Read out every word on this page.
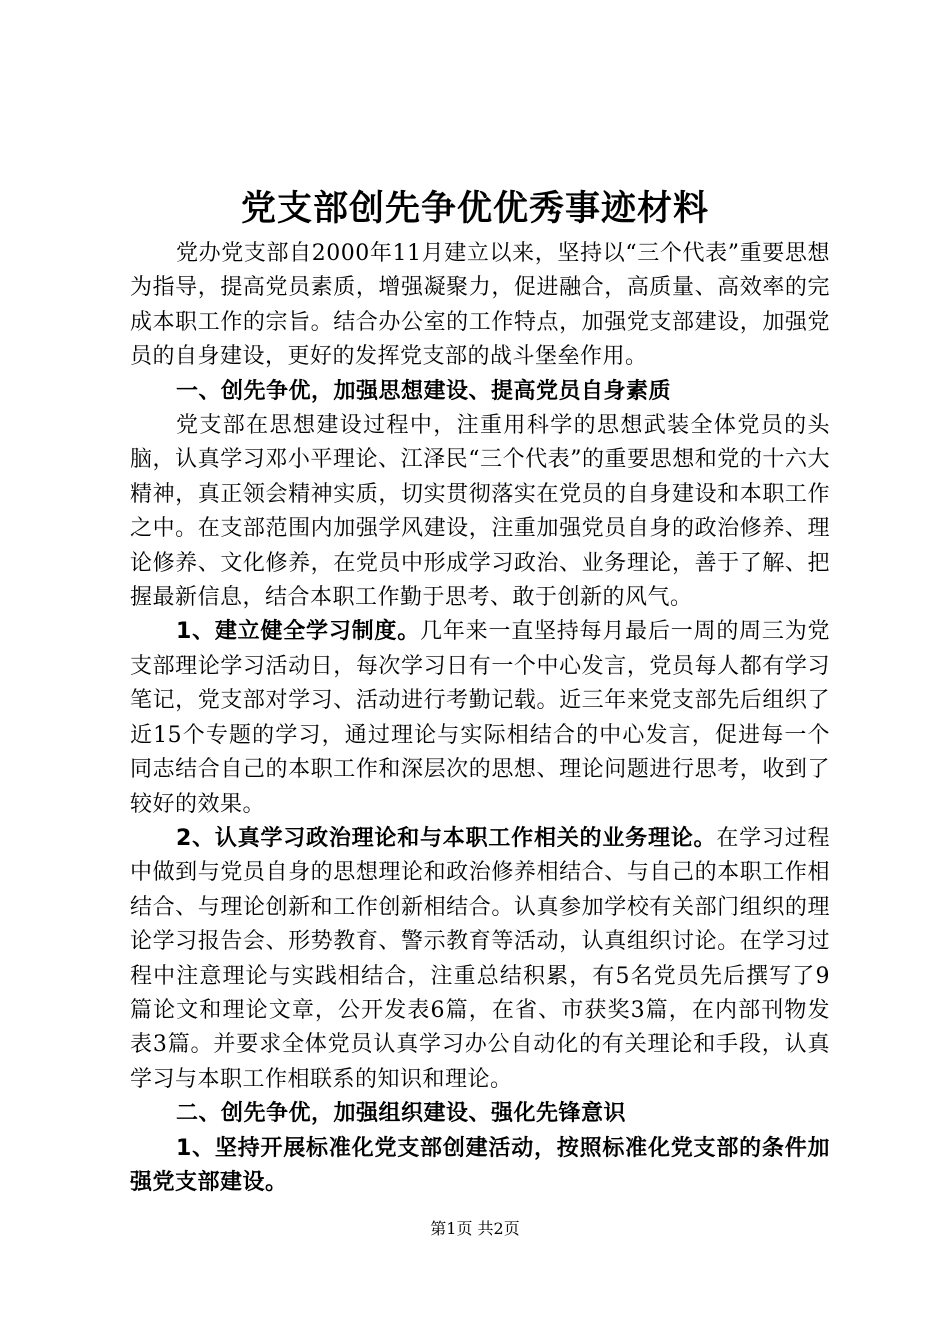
党支部创先争优优秀事迹材料

党办党支部自2000年11月建立以来，坚持以“三个代表”重要思想为指导，提高党员素质，增强凝聚力，促进融合，高质量、高效率的完成本职工作的宗旨。结合办公室的工作特点，加强党支部建设，加强党员的自身建设，更好的发挥党支部的战斗堡垒作用。

一、创先争优，加强思想建设、提高党员自身素质

党支部在思想建设过程中，注重用科学的思想武装全体党员的头脑，认真学习邓小平理论、江泽民“三个代表”的重要思想和党的十六大精神，真正领会精神实质，切实贯彻落实在党员的自身建设和本职工作之中。在支部范围内加强学风建设，注重加强党员自身的政治修养、理论修养、文化修养，在党员中形成学习政治、业务理论，善于了解、把握最新信息，结合本职工作勤于思考、敢于创新的风气。

1、建立健全学习制度。几年来一直坚持每月最后一周的周三为党支部理论学习活动日，每次学习日有一个中心发言，党员每人都有学习笔记，党支部对学习、活动进行考勤记载。近三年来党支部先后组织了近15个专题的学习，通过理论与实际相结合的中心发言，促进每一个同志结合自己的本职工作和深层次的思想、理论问题进行思考，收到了较好的效果。

2、认真学习政治理论和与本职工作相关的业务理论。在学习过程中做到与党员自身的思想理论和政治修养相结合、与自己的本职工作相结合、与理论创新和工作创新相结合。认真参加学校有关部门组织的理论学习报告会、形势教育、警示教育等活动，认真组织讨论。在学习过程中注意理论与实践相结合，注重总结积累，有5名党员先后撰写了9篇论文和理论文章，公开发表6篇，在省、市获奖3篇，在内部刊物发表3篇。并要求全体党员认真学习办公自动化的有关理论和手段，认真学习与本职工作相联系的知识和理论。

二、创先争优，加强组织建设、强化先锋意识

1、坚持开展标准化党支部创建活动，按照标准化党支部的条件加强党支部建设。

第1页 共2页
